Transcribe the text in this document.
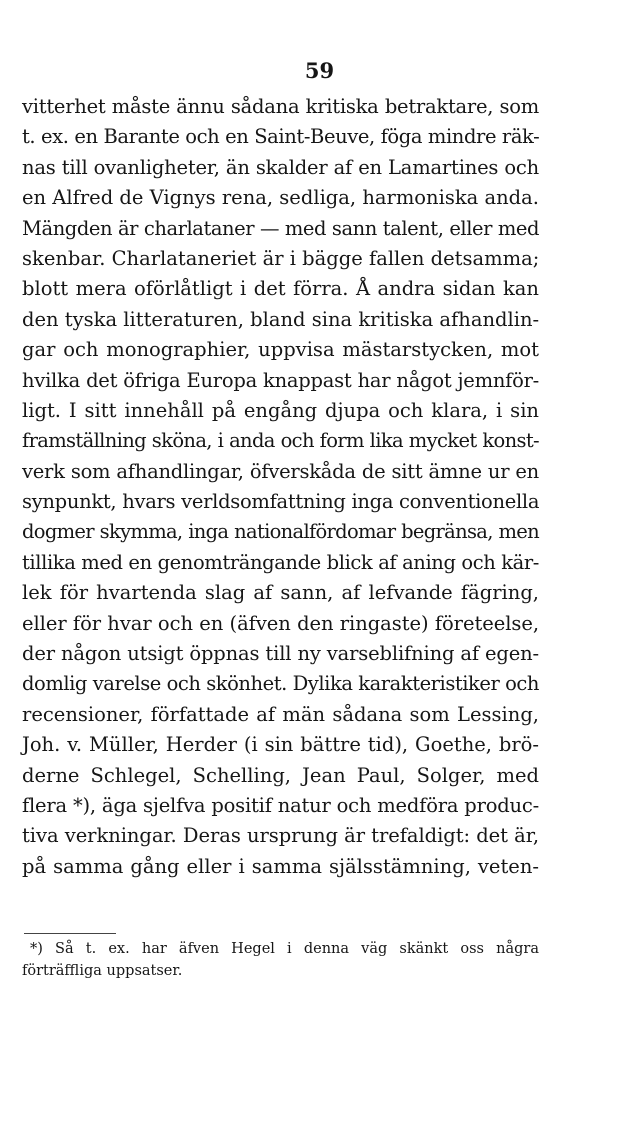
59
vitterhet måste ännu sådana kritiska betraktare, som
t. ex. en Barante och en Saint-Beuve, föga mindre räk-
nas till ovanligheter, än skalder af en Lamartines och
en Alfred de Vignys rena, sedliga, harmoniska anda.
Mängden är charlataner — med sann talent, eller med
skenbar. Charlataneriet är i bägge fallen detsamma;
blott mera oförlåtligt i det förra. Å andra sidan kan
den tyska litteraturen, bland sina kritiska afhandlin-
gar och monographier, uppvisa mästarstycken, mot
hvilka det öfriga Europa knappast har något jemnför-
ligt. I sitt innehåll på engång djupa och klara, i sin
framställning sköna, i anda och form lika mycket konst-
verk som afhandlingar, öfverskåda de sitt ämne ur en
synpunkt, hvars verldsomfattning inga conventionella
dogmer skymma, inga nationalfördomar begränsa, men
tillika med en genomträngande blick af aning och kär-
lek för hvartenda slag af sann, af lefvande fägring,
eller för hvar och en (äfven den ringaste) företeelse,
der någon utsigt öppnas till ny varseblifning af egen-
domlig varelse och skönhet. Dylika karakteristiker och
recensioner, författade af män sådana som Lessing,
Joh. v. Müller, Herder (i sin bättre tid), Goethe, brö-
derne Schlegel, Schelling, Jean Paul, Solger, med
flera *), äga sjelfva positif natur och medföra produc-
tiva verkningar. Deras ursprung är trefaldigt: det är,
på samma gång eller i samma själsstämning, veten-
*) Så t. ex. har äfven Hegel i denna väg skänkt oss några
förträffliga uppsatser.
